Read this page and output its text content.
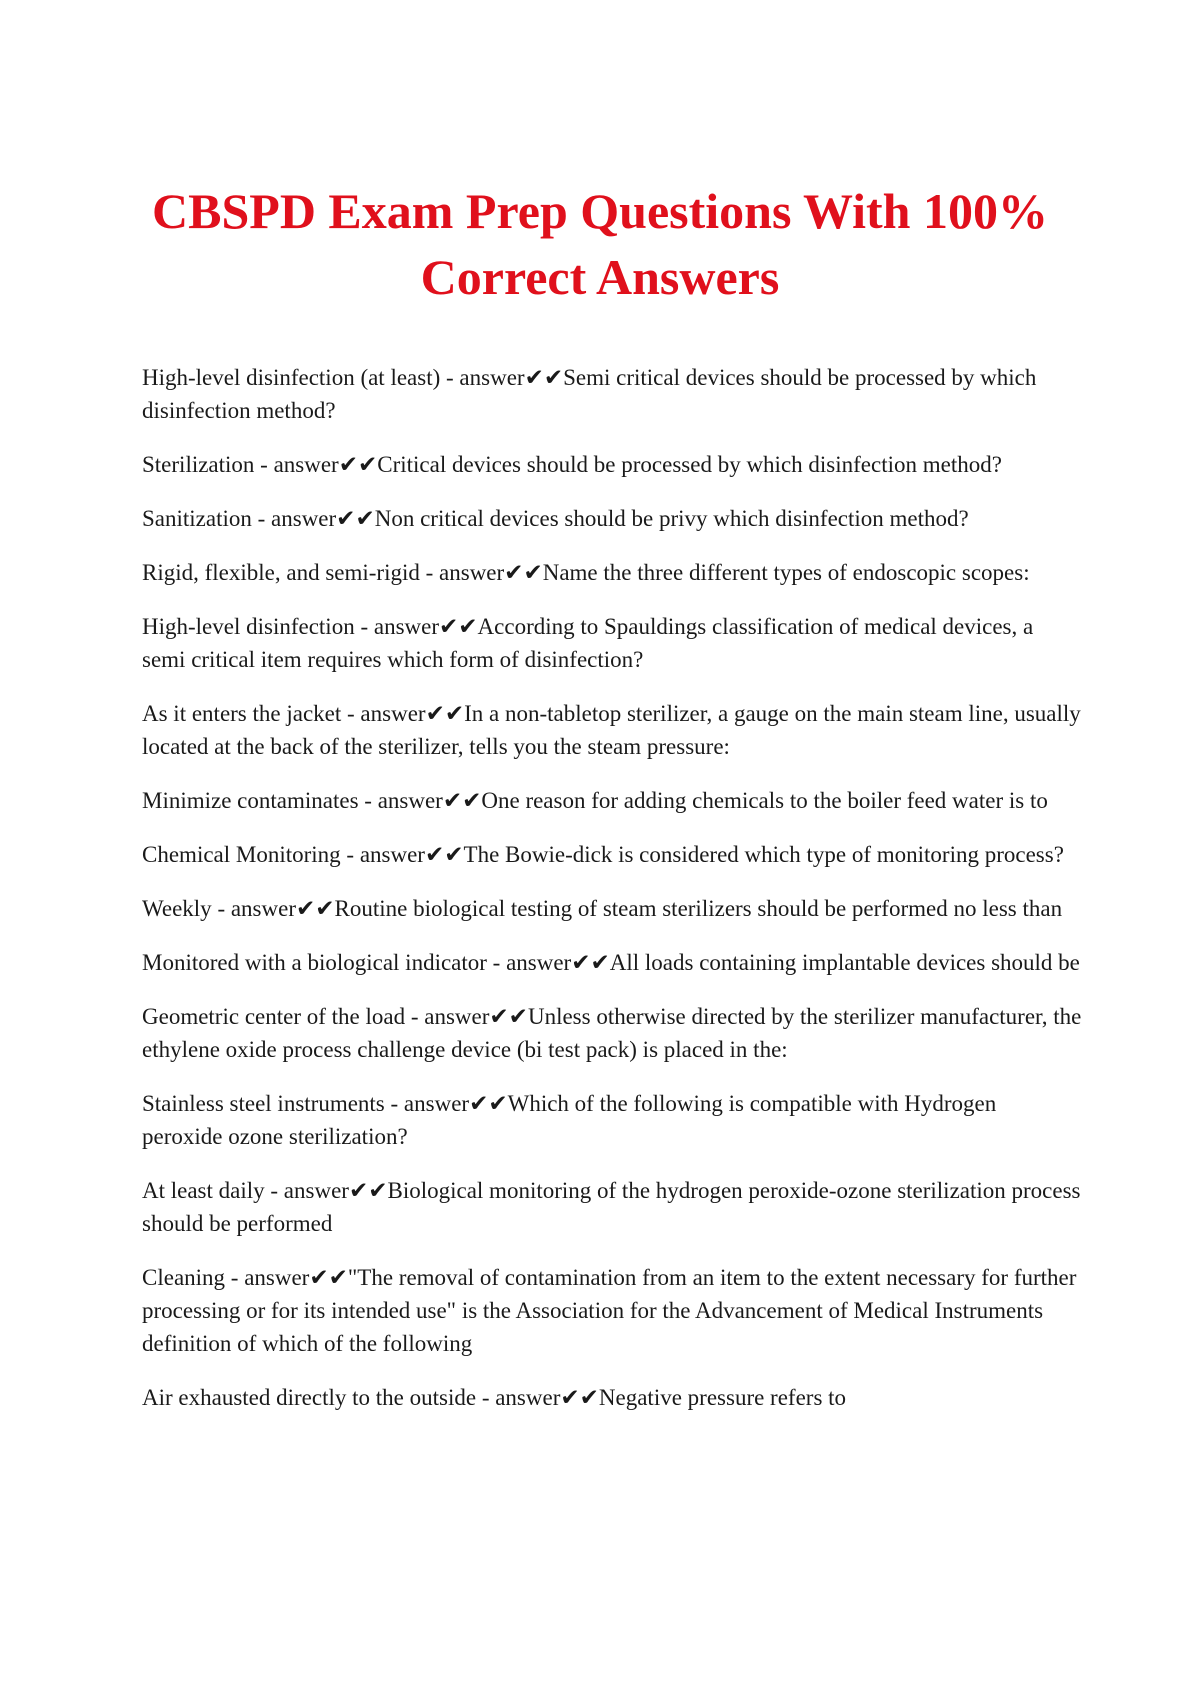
CBSPD Exam Prep Questions With 100% Correct Answers
High-level disinfection (at least) - answer✔✔Semi critical devices should be processed by which disinfection method?
Sterilization - answer✔✔Critical devices should be processed by which disinfection method?
Sanitization - answer✔✔Non critical devices should be privy which disinfection method?
Rigid, flexible, and semi-rigid - answer✔✔Name the three different types of endoscopic scopes:
High-level disinfection - answer✔✔According to Spauldings classification of medical devices, a semi critical item requires which form of disinfection?
As it enters the jacket - answer✔✔In a non-tabletop sterilizer, a gauge on the main steam line, usually located at the back of the sterilizer, tells you the steam pressure:
Minimize contaminates - answer✔✔One reason for adding chemicals to the boiler feed water is to
Chemical Monitoring - answer✔✔The Bowie-dick is considered which type of monitoring process?
Weekly - answer✔✔Routine biological testing of steam sterilizers should be performed no less than
Monitored with a biological indicator - answer✔✔All loads containing implantable devices should be
Geometric center of the load - answer✔✔Unless otherwise directed by the sterilizer manufacturer, the ethylene oxide process challenge device (bi test pack) is placed in the:
Stainless steel instruments - answer✔✔Which of the following is compatible with Hydrogen peroxide ozone sterilization?
At least daily - answer✔✔Biological monitoring of the hydrogen peroxide-ozone sterilization process should be performed
Cleaning - answer✔✔"The removal of contamination from an item to the extent necessary for further processing or for its intended use" is the Association for the Advancement of Medical Instruments definition of which of the following
Air exhausted directly to the outside - answer✔✔Negative pressure refers to
